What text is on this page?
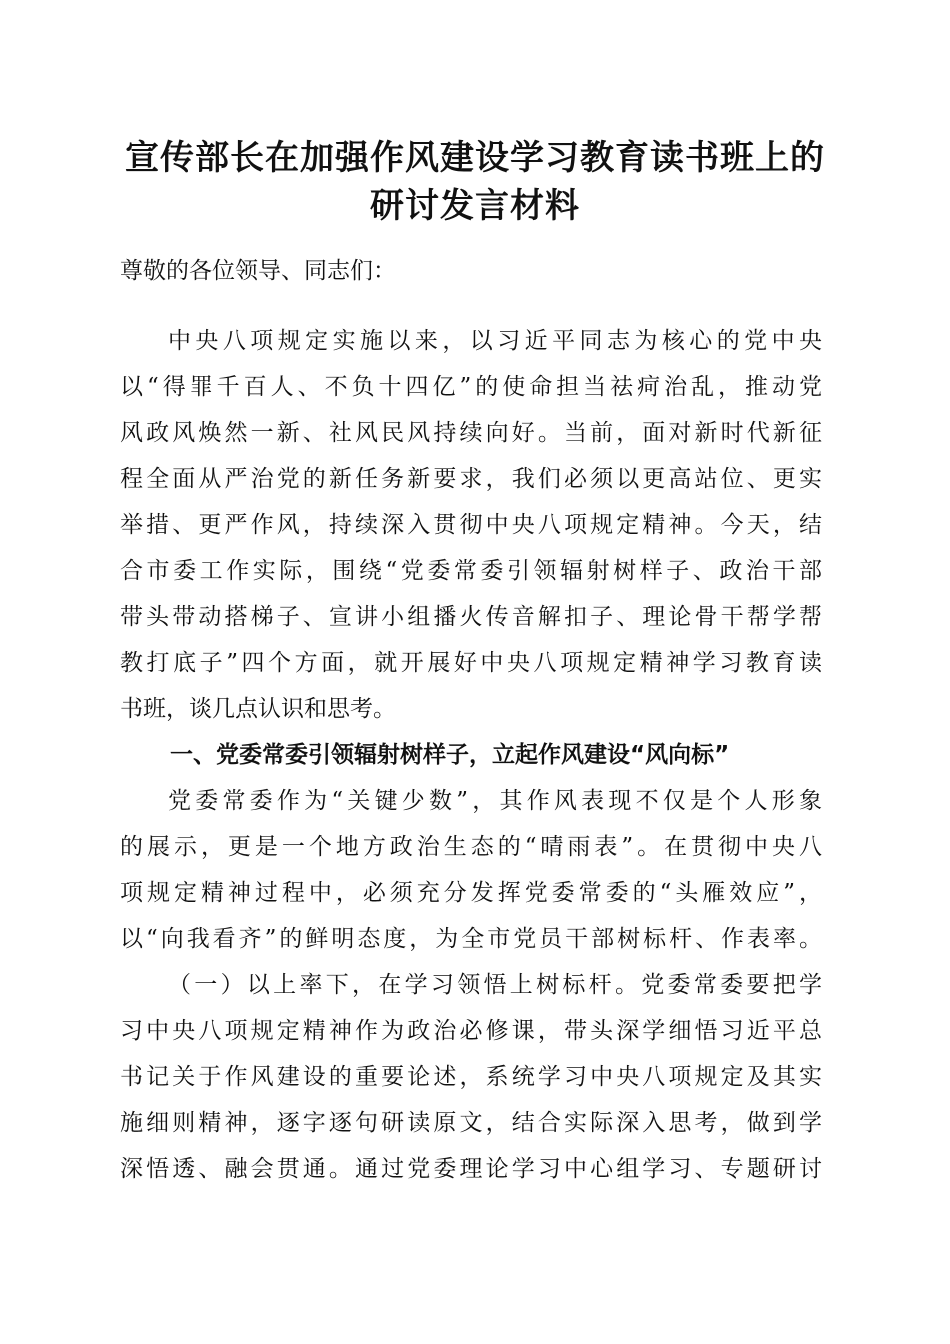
宣传部长在加强作风建设学习教育读书班上的
研讨发言材料
尊敬的各位领导、同志们：
中央八项规定实施以来，以习近平同志为核心的党中央
以“得罪千百人、不负十四亿”的使命担当祛疴治乱，推动党
风政风焕然一新、社风民风持续向好。当前，面对新时代新征
程全面从严治党的新任务新要求，我们必须以更高站位、更实
举措、更严作风，持续深入贯彻中央八项规定精神。今天，结
合市委工作实际，围绕“党委常委引领辐射树样子、政治干部
带头带动搭梯子、宣讲小组播火传音解扣子、理论骨干帮学帮
教打底子”四个方面，就开展好中央八项规定精神学习教育读
书班，谈几点认识和思考。
一、党委常委引领辐射树样子，立起作风建设“风向标”
党委常委作为“关键少数”，其作风表现不仅是个人形象
的展示，更是一个地方政治生态的“晴雨表”。在贯彻中央八
项规定精神过程中，必须充分发挥党委常委的“头雁效应”，
以“向我看齐”的鲜明态度，为全市党员干部树标杆、作表率。
（一）以上率下，在学习领悟上树标杆。党委常委要把学
习中央八项规定精神作为政治必修课，带头深学细悟习近平总
书记关于作风建设的重要论述，系统学习中央八项规定及其实
施细则精神，逐字逐句研读原文，结合实际深入思考，做到学
深悟透、融会贯通。通过党委理论学习中心组学习、专题研讨
